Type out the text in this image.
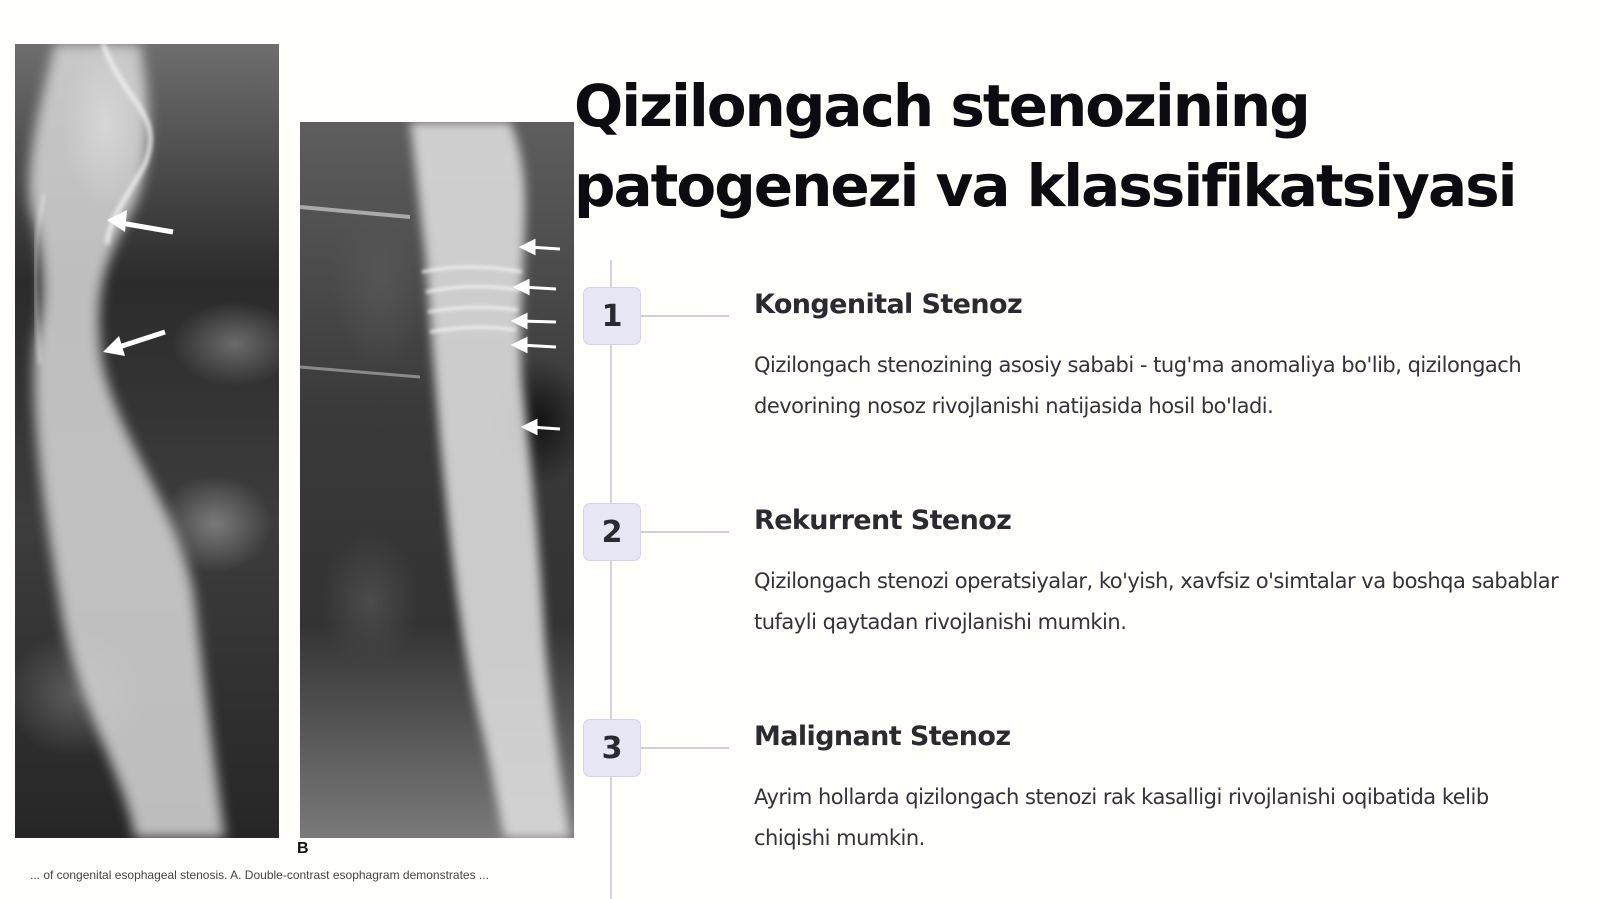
B
... of congenital esophageal stenosis. A. Double-contrast esophagram demonstrates ...
Qizilongach stenozining patogenezi va klassifikatsiyasi
1	Kongenital Stenoz

Qizilongach stenozining asosiy sababi - tug'ma anomaliya bo'lib, qizilongach devorining nosoz rivojlanishi natijasida hosil bo'ladi.

2	Rekurrent Stenoz

Qizilongach stenozi operatsiyalar, ko'yish, xavfsiz o'simtalar va boshqa sabablar tufayli qaytadan rivojlanishi mumkin.

3	Malignant Stenoz

Ayrim hollarda qizilongach stenozi rak kasalligi rivojlanishi oqibatida kelib chiqishi mumkin.
